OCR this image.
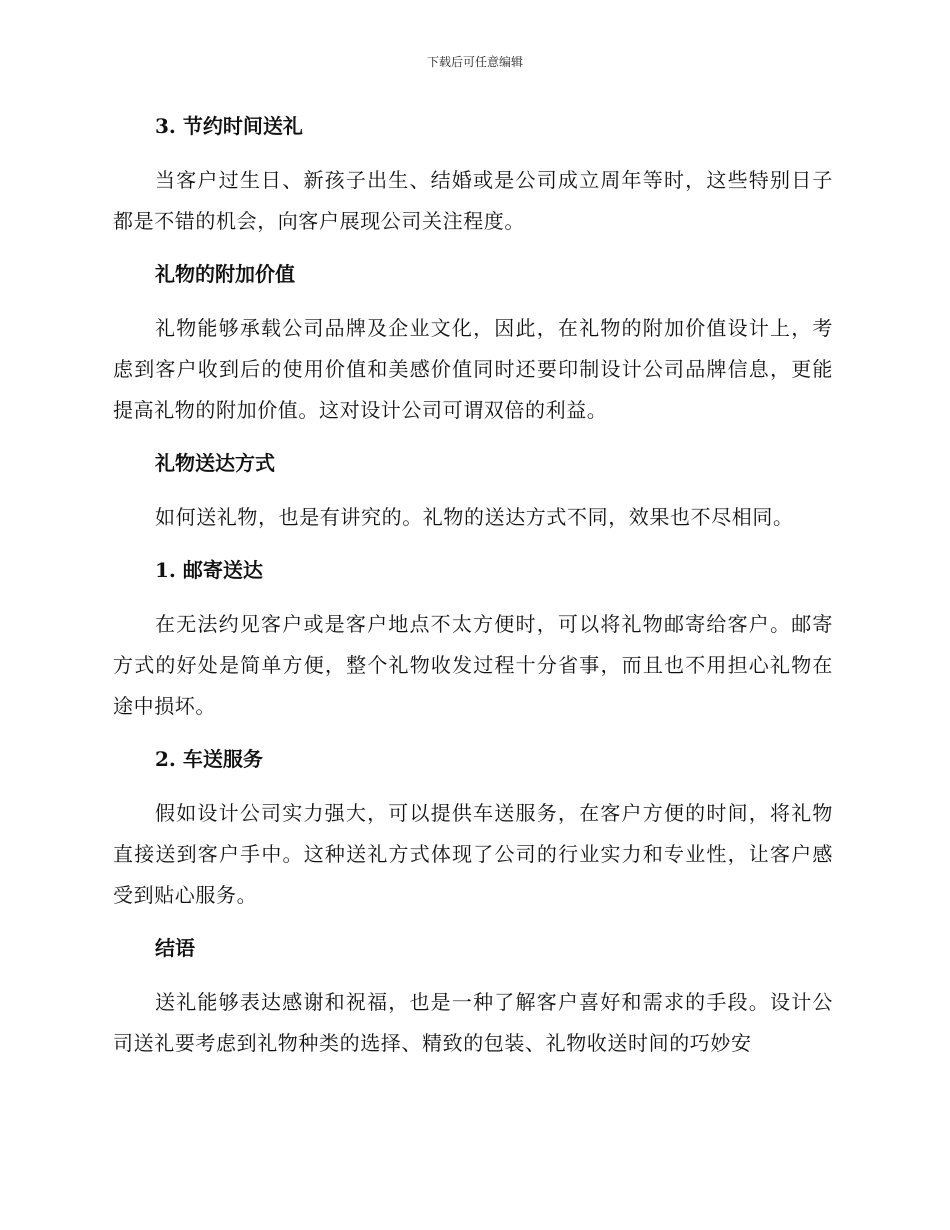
下载后可任意编辑

3. 节约时间送礼

当客户过生日、新孩子出生、结婚或是公司成立周年等时，这些特别日子都是不错的机会，向客户展现公司关注程度。

礼物的附加价值

礼物能够承载公司品牌及企业文化，因此，在礼物的附加价值设计上，考虑到客户收到后的使用价值和美感价值同时还要印制设计公司品牌信息，更能提高礼物的附加价值。这对设计公司可谓双倍的利益。

礼物送达方式

如何送礼物，也是有讲究的。礼物的送达方式不同，效果也不尽相同。

1. 邮寄送达

在无法约见客户或是客户地点不太方便时，可以将礼物邮寄给客户。邮寄方式的好处是简单方便，整个礼物收发过程十分省事，而且也不用担心礼物在途中损坏。

2. 车送服务

假如设计公司实力强大，可以提供车送服务，在客户方便的时间，将礼物直接送到客户手中。这种送礼方式体现了公司的行业实力和专业性，让客户感受到贴心服务。

结语

送礼能够表达感谢和祝福，也是一种了解客户喜好和需求的手段。设计公司送礼要考虑到礼物种类的选择、精致的包装、礼物收送时间的巧妙安
